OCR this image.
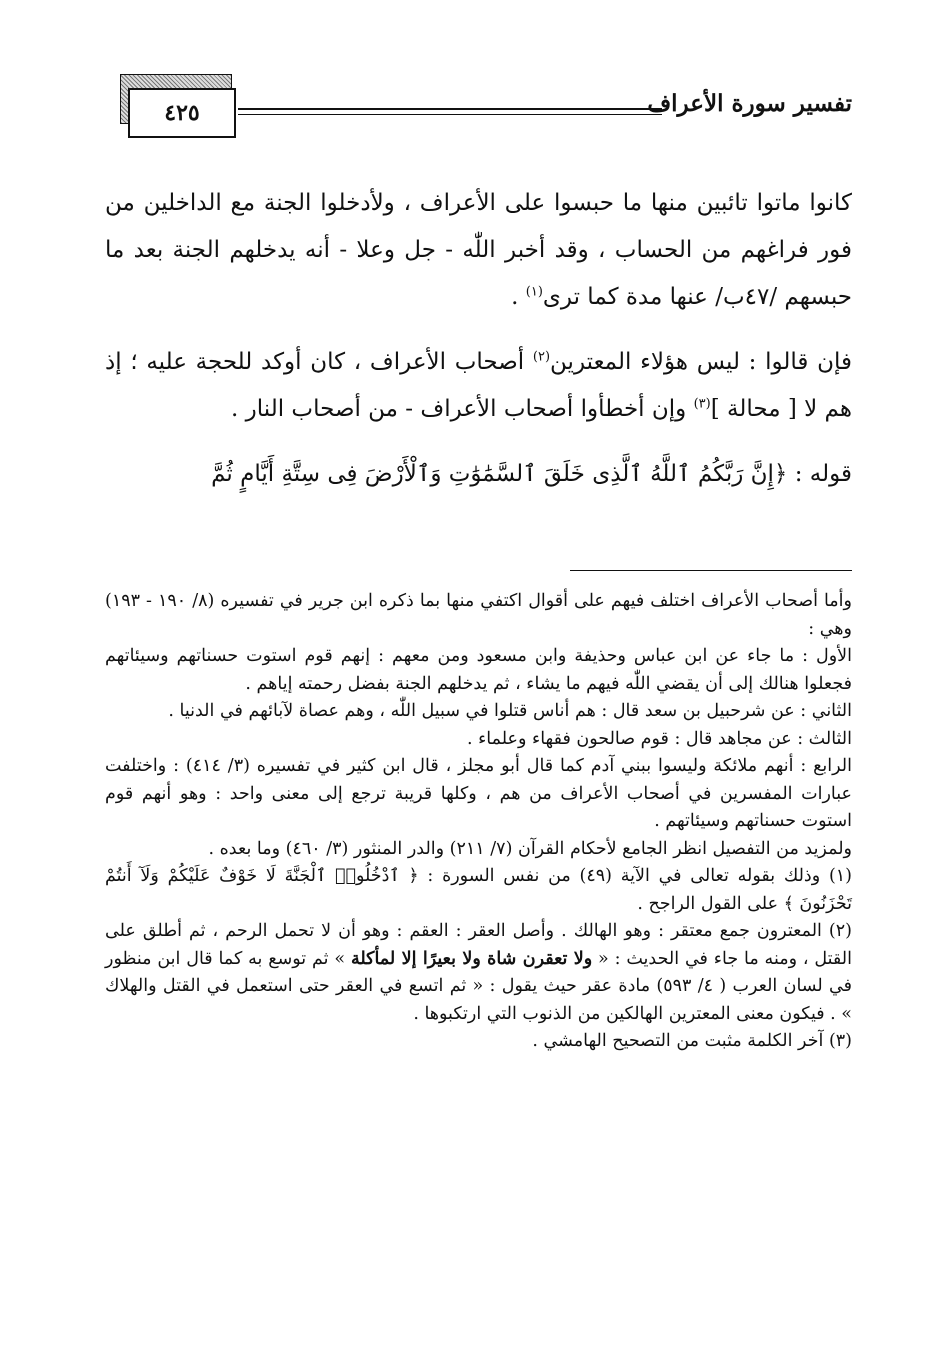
٤٢٥	تفسير سورة الأعراف

كانوا ماتوا تائبين منها ما حبسوا على الأعراف ، ولأدخلوا الجنة مع الداخلين من فور فراغهم من الحساب ، وقد أخبر اللّٰه - جل وعلا - أنه يدخلهم الجنة بعد ما حبسهم /٤٧ب/ عنها مدة كما ترى$^{(١)}$ .

فإن قالوا : ليس هؤلاء المعترين$^{(٢)}$ أصحاب الأعراف ، كان أوكد للحجة عليه ؛ إذ هم لا [ محالة ]$^{(٣)}$ وإن أخطأوا أصحاب الأعراف - من أصحاب النار .

قوله : ﴿إِنَّ رَبَّكُمُ ٱللَّهُ ٱلَّذِى خَلَقَ ٱلسَّمَٰوَٰتِ وَٱلْأَرْضَ فِى سِتَّةِ أَيَّامٍ ثُمَّ

وأما أصحاب الأعراف اختلف فيهم على أقوال اكتفي منها بما ذكره ابن جرير في تفسيره (٨/ ١٩٠ - ١٩٣) وهي :

الأول : ما جاء عن ابن عباس وحذيفة وابن مسعود ومن معهم : إنهم قوم استوت حسناتهم وسيئاتهم فجعلوا هنالك إلى أن يقضي اللّٰه فيهم ما يشاء ، ثم يدخلهم الجنة بفضل رحمته إياهم .

الثاني : عن شرحبيل بن سعد قال : هم أناس قتلوا في سبيل اللّٰه ، وهم عصاة لآبائهم في الدنيا .

الثالث : عن مجاهد قال : قوم صالحون فقهاء وعلماء .

الرابع : أنهم ملائكة وليسوا ببني آدم كما قال أبو مجلز ، قال ابن كثير في تفسيره (٣/ ٤١٤) : واختلفت عبارات المفسرين في أصحاب الأعراف من هم ، وكلها قريبة ترجع إلى معنى واحد : وهو أنهم قوم استوت حسناتهم وسيئاتهم .

ولمزيد من التفصيل انظر الجامع لأحكام القرآن (٧/ ٢١١) والدر المنثور (٣/ ٤٦٠) وما بعده .

(١) وذلك بقوله تعالى في الآية (٤٩) من نفس السورة : ﴿ ٱدْخُلُوا۟ ٱلْجَنَّةَ لَا خَوْفٌ عَلَيْكُمْ وَلَآ أَنتُمْ تَحْزَنُونَ ﴾ على القول الراجح .

(٢) المعترون جمع معتقر : وهو الهالك . وأصل العقر : العقم : وهو أن لا تحمل الرحم ، ثم أطلق على القتل ، ومنه ما جاء في الحديث : « ولا تعقرن شاة ولا بعيرًا إلا لمأكلة » ثم توسع به كما قال ابن منظور في لسان العرب ( ٤/ ٥٩٣) مادة عقر حيث يقول : « ثم اتسع في العقر حتى استعمل في القتل والهلاك » . فيكون معنى المعترين الهالكين من الذنوب التي ارتكبوها .

(٣) آخر الكلمة مثبت من التصحيح الهامشي .
